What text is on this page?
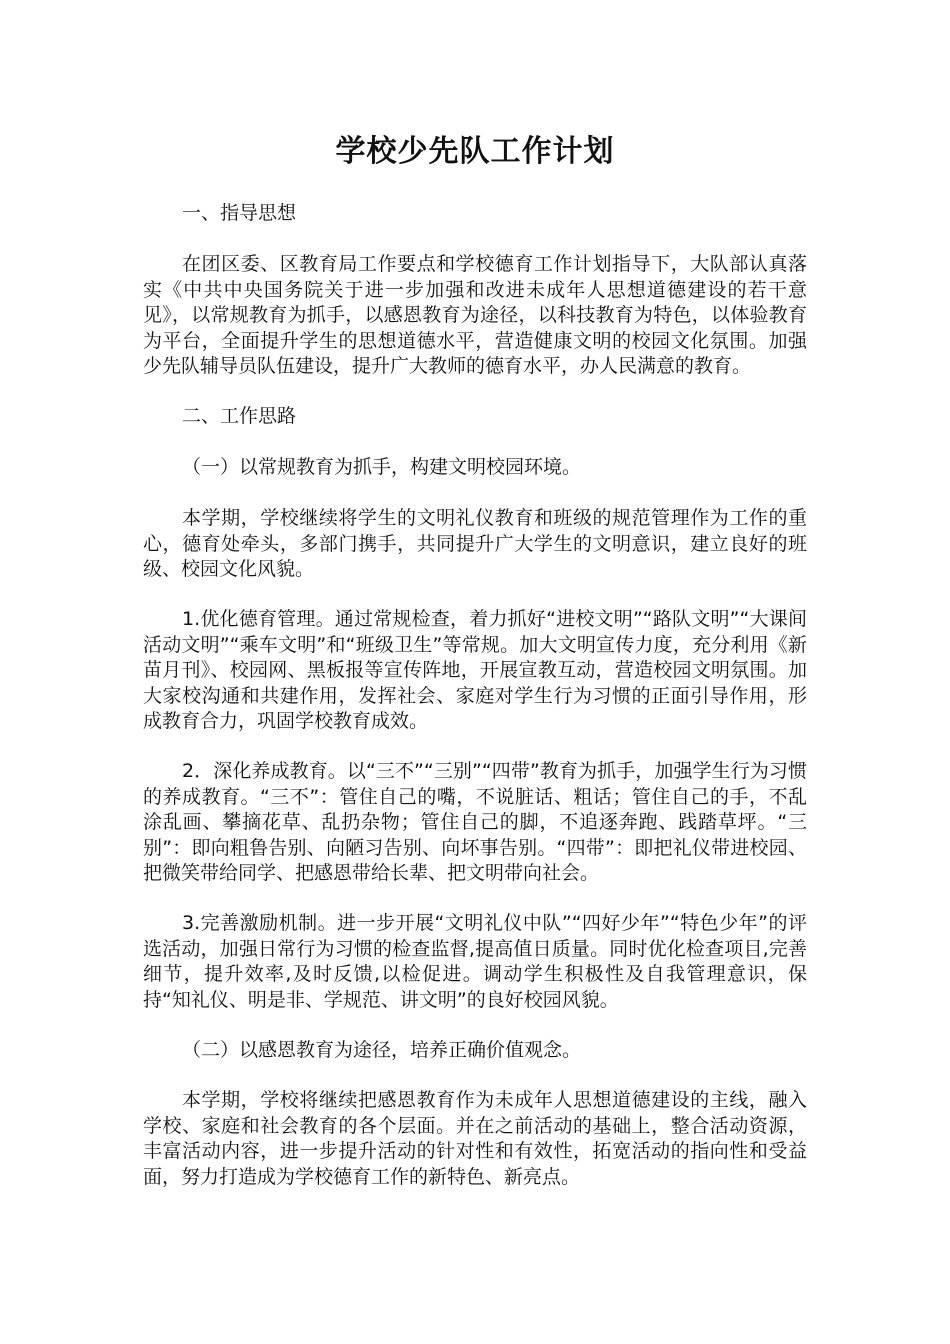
学校少先队工作计划

一、指导思想

在团区委、区教育局工作要点和学校德育工作计划指导下，大队部认真落实《中共中央国务院关于进一步加强和改进未成年人思想道德建设的若干意见》，以常规教育为抓手，以感恩教育为途径，以科技教育为特色，以体验教育为平台，全面提升学生的思想道德水平，营造健康文明的校园文化氛围。加强少先队辅导员队伍建设，提升广大教师的德育水平，办人民满意的教育。

二、工作思路

（一）以常规教育为抓手，构建文明校园环境。

本学期，学校继续将学生的文明礼仪教育和班级的规范管理作为工作的重心，德育处牵头，多部门携手，共同提升广大学生的文明意识，建立良好的班级、校园文化风貌。

1.优化德育管理。通过常规检查，着力抓好“进校文明”“路队文明”“大课间活动文明”“乘车文明”和“班级卫生”等常规。加大文明宣传力度，充分利用《新苗月刊》、校园网、黑板报等宣传阵地，开展宣教互动，营造校园文明氛围。加大家校沟通和共建作用，发挥社会、家庭对学生行为习惯的正面引导作用，形成教育合力，巩固学校教育成效。

2．深化养成教育。以“三不”“三别”“四带”教育为抓手，加强学生行为习惯的养成教育。“三不”：管住自己的嘴，不说脏话、粗话；管住自己的手，不乱涂乱画、攀摘花草、乱扔杂物；管住自己的脚，不追逐奔跑、践踏草坪。“三别”：即向粗鲁告别、向陋习告别、向坏事告别。“四带”：即把礼仪带进校园、把微笑带给同学、把感恩带给长辈、把文明带向社会。

3.完善激励机制。进一步开展“文明礼仪中队”“四好少年”“特色少年”的评选活动，加强日常行为习惯的检查监督,提高值日质量。同时优化检查项目,完善细节，提升效率,及时反馈,以检促进。调动学生积极性及自我管理意识，保持“知礼仪、明是非、学规范、讲文明”的良好校园风貌。

（二）以感恩教育为途径，培养正确价值观念。

本学期，学校将继续把感恩教育作为未成年人思想道德建设的主线，融入学校、家庭和社会教育的各个层面。并在之前活动的基础上，整合活动资源，丰富活动内容，进一步提升活动的针对性和有效性，拓宽活动的指向性和受益面，努力打造成为学校德育工作的新特色、新亮点。
